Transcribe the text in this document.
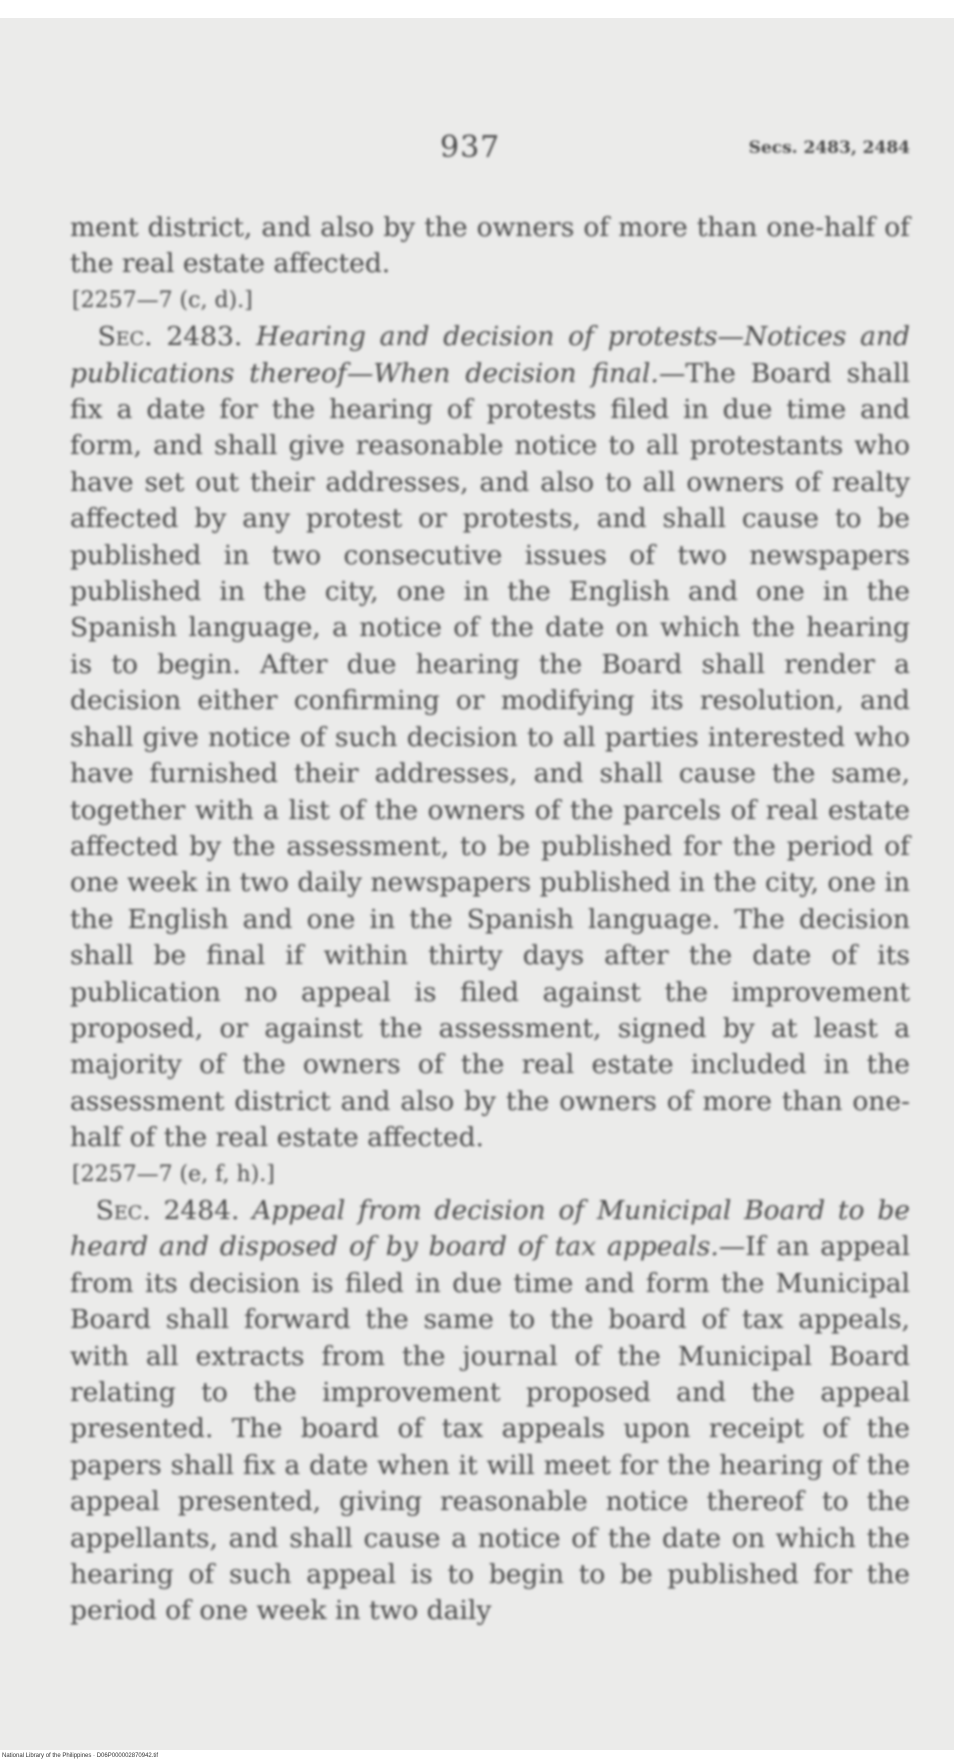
937	Secs. 2483, 2484

ment district, and also by the owners of more than one-half of the real estate affected.

[2257—7 (c, d).]

Sec. 2483. Hearing and decision of protests—Notices and publications thereof—When decision final.—The Board shall fix a date for the hearing of protests filed in due time and form, and shall give reasonable notice to all protestants who have set out their addresses, and also to all owners of realty affected by any protest or protests, and shall cause to be published in two consecutive issues of two newspapers published in the city, one in the English and one in the Spanish language, a notice of the date on which the hearing is to begin. After due hearing the Board shall render a decision either confirming or modifying its resolution, and shall give notice of such decision to all parties interested who have furnished their addresses, and shall cause the same, together with a list of the owners of the parcels of real estate affected by the assessment, to be published for the period of one week in two daily newspapers published in the city, one in the English and one in the Spanish language. The decision shall be final if within thirty days after the date of its publication no appeal is filed against the improvement proposed, or against the assessment, signed by at least a majority of the owners of the real estate included in the assessment district and also by the owners of more than one-half of the real estate affected.

[2257—7 (e, f, h).]

Sec. 2484. Appeal from decision of Municipal Board to be heard and disposed of by board of tax appeals.—If an appeal from its decision is filed in due time and form the Municipal Board shall forward the same to the board of tax appeals, with all extracts from the journal of the Municipal Board relating to the improvement proposed and the appeal presented. The board of tax appeals upon receipt of the papers shall fix a date when it will meet for the hearing of the appeal presented, giving reasonable notice thereof to the appellants, and shall cause a notice of the date on which the hearing of such appeal is to begin to be published for the period of one week in two daily

National Library of the Philippines · D06P000002870942.tif
